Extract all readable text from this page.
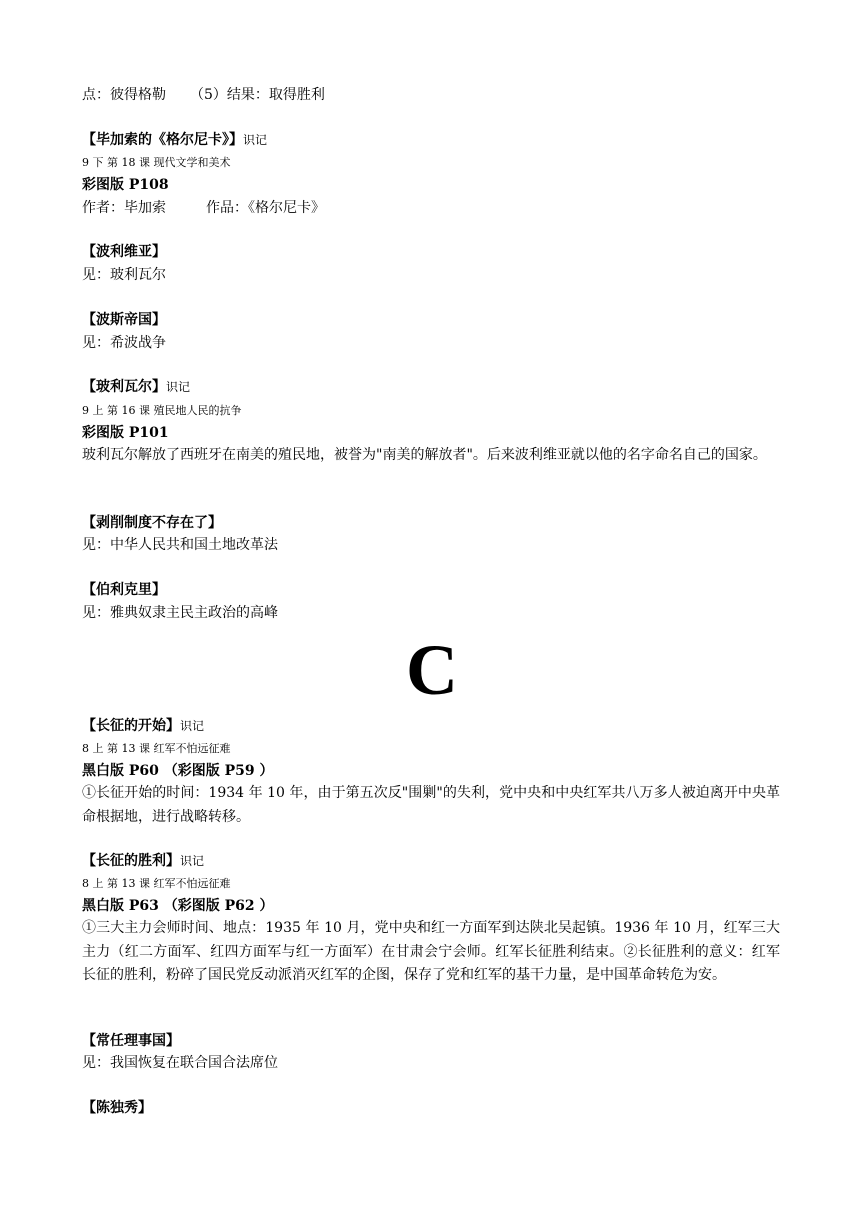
点：彼得格勒 （5）结果：取得胜利
【毕加索的《格尔尼卡》】识记
9 下 第 18 课 现代文学和美术
彩图版 P108
作者：毕加索	作品：《格尔尼卡》
【波利维亚】
见：玻利瓦尔
【波斯帝国】
见：希波战争
【玻利瓦尔】识记
9 上 第 16 课 殖民地人民的抗争
彩图版 P101
玻利瓦尔解放了西班牙在南美的殖民地，被誉为"南美的解放者"。后来波利维亚就以他的名字命名自己的国家。
【剥削制度不存在了】
见：中华人民共和国土地改革法
【伯利克里】
见：雅典奴隶主民主政治的高峰
C
【长征的开始】识记
8 上 第 13 课 红军不怕远征难
黑白版 P60 （彩图版 P59 ）
①长征开始的时间：1934 年 10 年，由于第五次反"围剿"的失利，党中央和中央红军共八万多人被迫离开中央革命根据地，进行战略转移。
【长征的胜利】识记
8 上 第 13 课 红军不怕远征难
黑白版 P63 （彩图版 P62 ）
①三大主力会师时间、地点：1935 年 10 月，党中央和红一方面军到达陕北吴起镇。1936 年 10 月，红军三大主力（红二方面军、红四方面军与红一方面军）在甘肃会宁会师。红军长征胜利结束。②长征胜利的意义：红军长征的胜利，粉碎了国民党反动派消灭红军的企图，保存了党和红军的基干力量，是中国革命转危为安。
【常任理事国】
见：我国恢复在联合国合法席位
【陈独秀】
